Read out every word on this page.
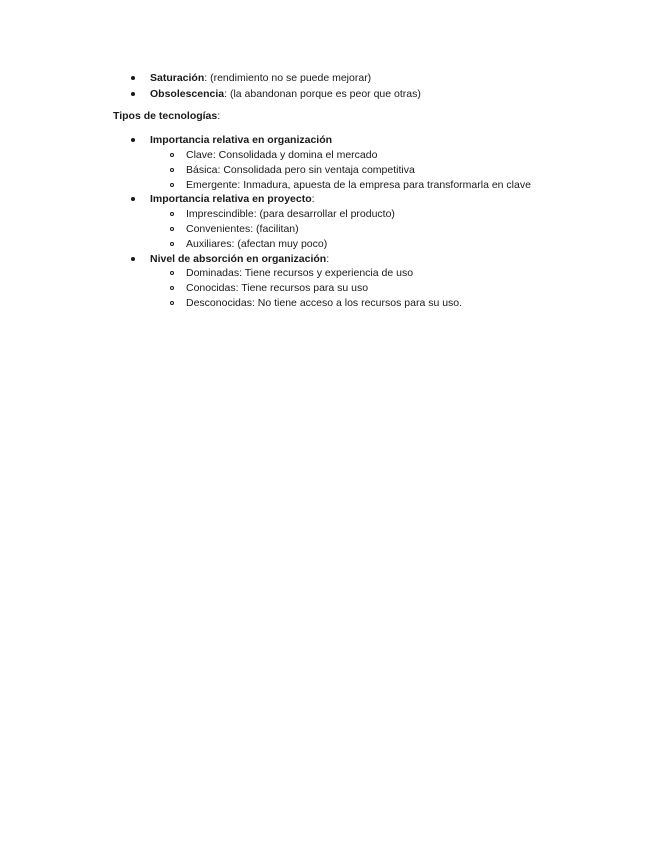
Saturación: (rendimiento no se puede mejorar)
Obsolescencia: (la abandonan porque es peor que otras)
Tipos de tecnologías:
Importancia relativa en organización
Clave: Consolidada y domina el mercado
Básica: Consolidada pero sin ventaja competitiva
Emergente: Inmadura, apuesta de la empresa para transformarla en clave
Importancia relativa en proyecto:
Imprescindible: (para desarrollar el producto)
Convenientes: (facilitan)
Auxiliares: (afectan muy poco)
Nivel de absorción en organización:
Dominadas: Tiene recursos y experiencia de uso
Conocidas: Tiene recursos para su uso
Desconocidas: No tiene acceso a los recursos para su uso.
